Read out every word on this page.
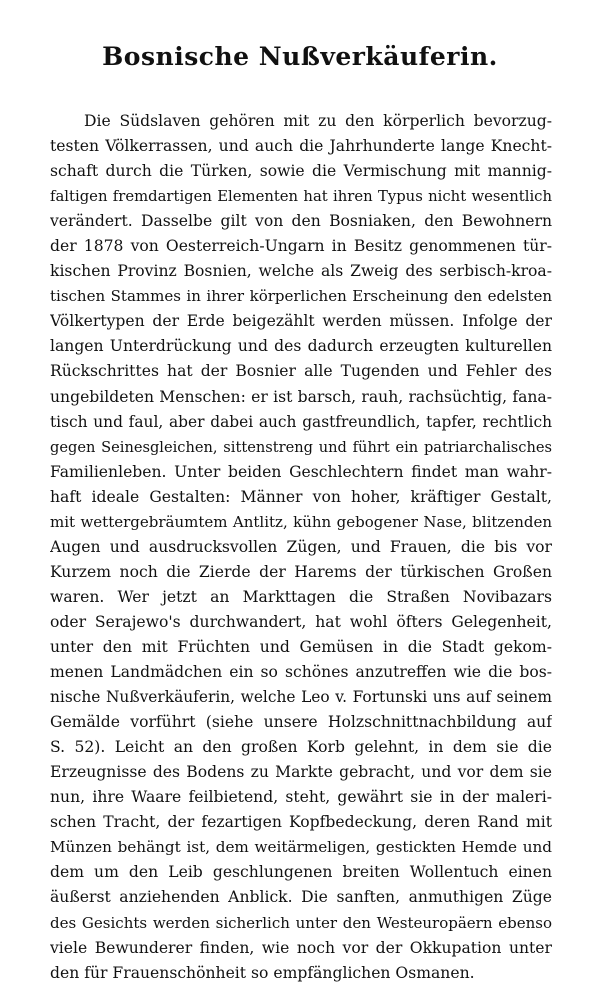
Bosnische Nußverkäuferin.
Die Südslaven gehören mit zu den körperlich bevorzug-
testen Völkerrassen, und auch die Jahrhunderte lange Knecht-
schaft durch die Türken, sowie die Vermischung mit mannig-
faltigen fremdartigen Elementen hat ihren Typus nicht wesentlich
verändert. Dasselbe gilt von den Bosniaken, den Bewohnern
der 1878 von Oesterreich-Ungarn in Besitz genommenen tür-
kischen Provinz Bosnien, welche als Zweig des serbisch-kroa-
tischen Stammes in ihrer körperlichen Erscheinung den edelsten
Völkertypen der Erde beigezählt werden müssen. Infolge der
langen Unterdrückung und des dadurch erzeugten kulturellen
Rückschrittes hat der Bosnier alle Tugenden und Fehler des
ungebildeten Menschen: er ist barsch, rauh, rachsüchtig, fana-
tisch und faul, aber dabei auch gastfreundlich, tapfer, rechtlich
gegen Seinesgleichen, sittenstreng und führt ein patriarchalisches
Familienleben. Unter beiden Geschlechtern findet man wahr-
haft ideale Gestalten: Männer von hoher, kräftiger Gestalt,
mit wettergebräumtem Antlitz, kühn gebogener Nase, blitzenden
Augen und ausdrucksvollen Zügen, und Frauen, die bis vor
Kurzem noch die Zierde der Harems der türkischen Großen
waren. Wer jetzt an Markttagen die Straßen Novibazars
oder Serajewo's durchwandert, hat wohl öfters Gelegenheit,
unter den mit Früchten und Gemüsen in die Stadt gekom-
menen Landmädchen ein so schönes anzutreffen wie die bos-
nische Nußverkäuferin, welche Leo v. Fortunski uns auf seinem
Gemälde vorführt (siehe unsere Holzschnittnachbildung auf
S. 52). Leicht an den großen Korb gelehnt, in dem sie die
Erzeugnisse des Bodens zu Markte gebracht, und vor dem sie
nun, ihre Waare feilbietend, steht, gewährt sie in der maleri-
schen Tracht, der fezartigen Kopfbedeckung, deren Rand mit
Münzen behängt ist, dem weitärmeligen, gestickten Hemde und
dem um den Leib geschlungenen breiten Wollentuch einen
äußerst anziehenden Anblick. Die sanften, anmuthigen Züge
des Gesichts werden sicherlich unter den Westeuropäern ebenso
viele Bewunderer finden, wie noch vor der Okkupation unter
den für Frauenschönheit so empfänglichen Osmanen.
